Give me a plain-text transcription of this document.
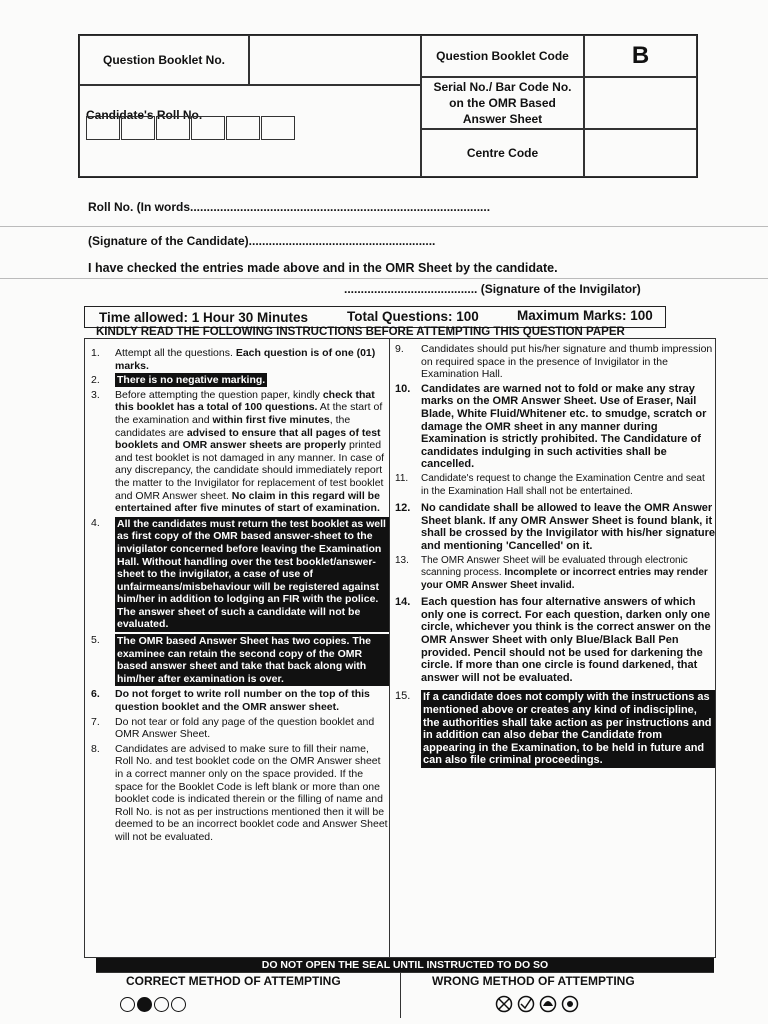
Question Booklet No.	Question Booklet Code	B
Candidate's Roll No.
Serial No./ Bar Code No. on the OMR Based Answer Sheet
Centre Code
Roll No. (In words..........................................................................................
(Signature of the Candidate)........................................................
I have checked the entries made above and in the OMR Sheet by the candidate.
........................................ (Signature of the Invigilator)
Time allowed: 1 Hour 30 Minutes	Total Questions: 100	Maximum Marks: 100
KINDLY READ THE FOLLOWING INSTRUCTIONS BEFORE ATTEMPTING THIS QUESTION PAPER
1.	Attempt all the questions. Each question is of one (01) marks.
2.	There is no negative marking.
3.	Before attempting the question paper, kindly check that this booklet has a total of 100 questions. At the start of the examination and within first five minutes, the candidates are advised to ensure that all pages of test booklets and OMR answer sheets are properly printed and test booklet is not damaged in any manner. In case of any discrepancy, the candidate should immediately report the matter to the Invigilator for replacement of test booklet and OMR Answer sheet. No claim in this regard will be entertained after five minutes of start of examination.
4.	All the candidates must return the test booklet as well as first copy of the OMR based answer-sheet to the invigilator concerned before leaving the Examination Hall. Without handling over the test booklet/answer-sheet to the invigilator, a case of use of unfairmeans/misbehaviour will be registered against him/her in addition to lodging an FIR with the police. The answer sheet of such a candidate will not be evaluated.
5.	The OMR based Answer Sheet has two copies. The examinee can retain the second copy of the OMR based answer sheet and take that back along with him/her after examination is over.
6.	Do not forget to write roll number on the top of this question booklet and the OMR answer sheet.
7.	Do not tear or fold any page of the question booklet and OMR Answer Sheet.
8.	Candidates are advised to make sure to fill their name, Roll No. and test booklet code on the OMR Answer sheet in a correct manner only on the space provided. If the space for the Booklet Code is left blank or more than one booklet code is indicated therein or the filling of name and Roll No. is not as per instructions mentioned then it will be deemed to be an incorrect booklet code and Answer Sheet will not be evaluated.
9.	Candidates should put his/her signature and thumb impression on required space in the presence of Invigilator in the Examination Hall.
10. Candidates are warned not to fold or make any stray marks on the OMR Answer Sheet. Use of Eraser, Nail Blade, White Fluid/Whitener etc. to smudge, scratch or damage the OMR sheet in any manner during Examination is strictly prohibited. The Candidature of candidates indulging in such activities shall be cancelled.
11.	Candidate's request to change the Examination Centre and seat in the Examination Hall shall not be entertained.
12. No candidate shall be allowed to leave the OMR Answer Sheet blank. If any OMR Answer Sheet is found blank, it shall be crossed by the Invigilator with his/her signature and mentioning 'Cancelled' on it.
13.	The OMR Answer Sheet will be evaluated through electronic scanning process. Incomplete or incorrect entries may render your OMR Answer Sheet invalid.
14. Each question has four alternative answers of which only one is correct. For each question, darken only one circle, whichever you think is the correct answer on the OMR Answer Sheet with only Blue/Black Ball Pen provided. Pencil should not be used for darkening the circle. If more than one circle is found darkened, that answer will not be evaluated.
15.	If a candidate does not comply with the instructions as mentioned above or creates any kind of indiscipline, the authorities shall take action as per instructions and in addition can also debar the Candidate from appearing in the Examination, to be held in future and can also file criminal proceedings.
DO NOT OPEN THE SEAL UNTIL INSTRUCTED TO DO SO
CORRECT METHOD OF ATTEMPTING	WRONG METHOD OF ATTEMPTING
